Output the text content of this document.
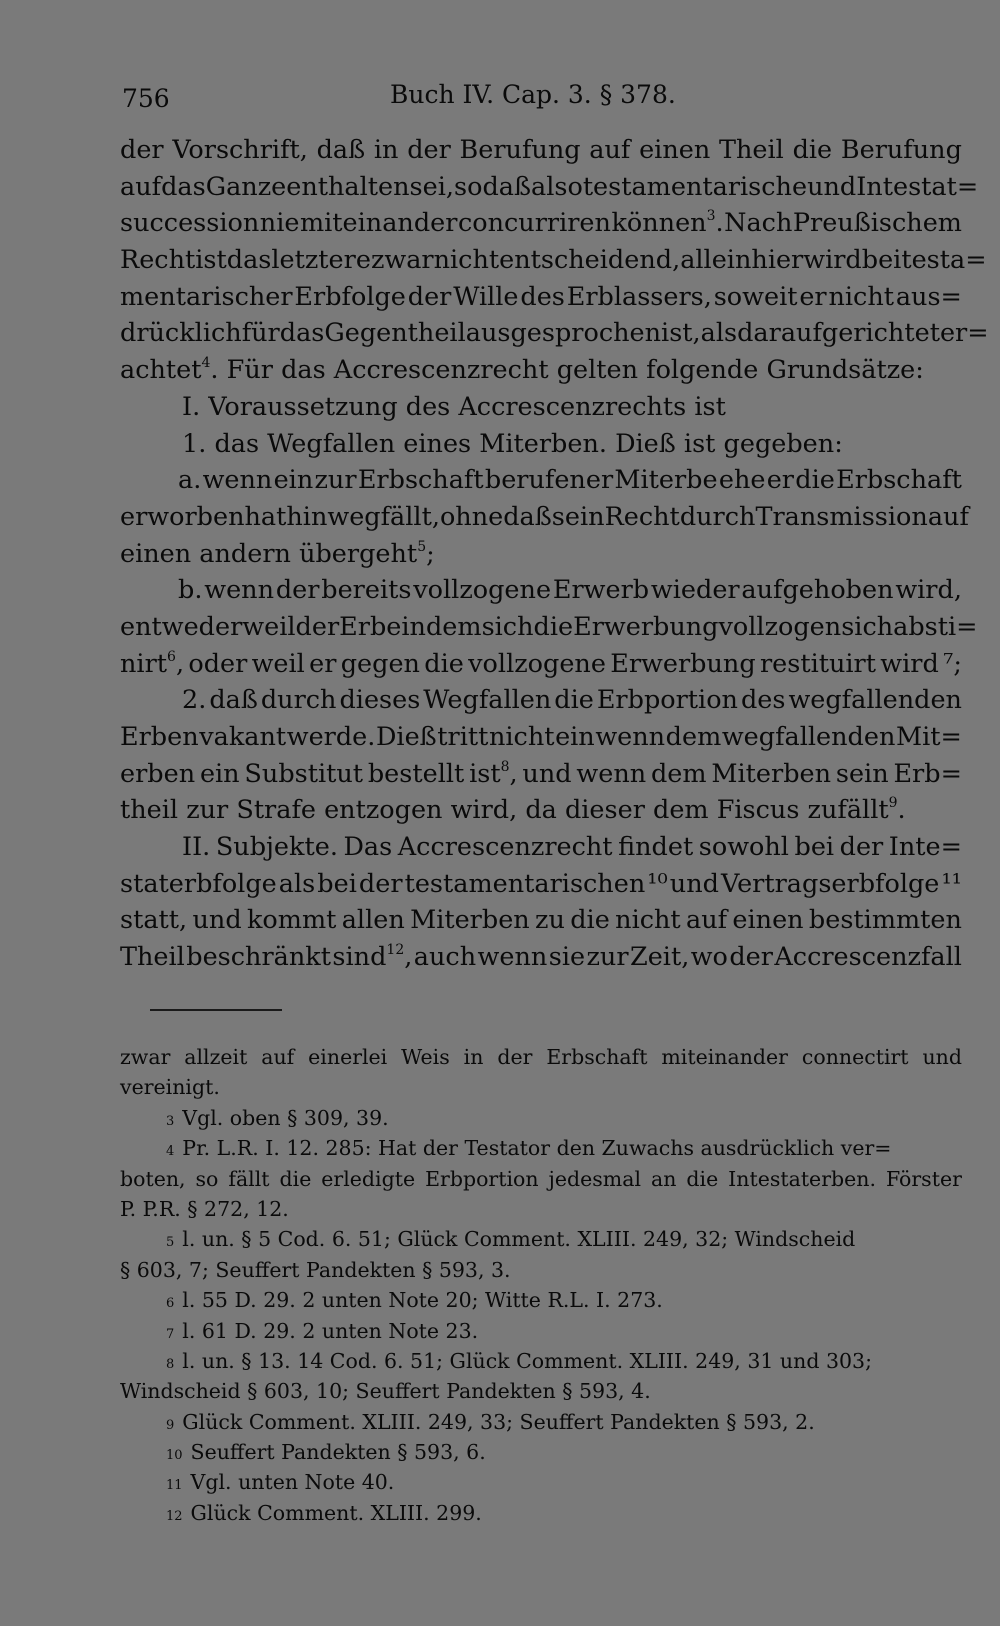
756	Buch IV. Cap. 3. § 378.
der Vorschrift, daß in der Berufung auf einen Theil die Berufung
auf das Ganze enthalten sei, so daß also testamentarische und Intestat=
succession nie miteinander concurriren können$^3$. Nach Preußischem
Recht ist das letztere zwar nicht entscheidend, allein hier wird bei testa=
mentarischer Erbfolge der Wille des Erblassers, soweit er nicht aus=
drücklich für das Gegentheil ausgesprochen ist, als darauf gerichtet er=
achtet$^4$. Für das Accrescenzrecht gelten folgende Grundsätze:
I. Voraussetzung des Accrescenzrechts ist
1. das Wegfallen eines Miterben. Dieß ist gegeben:
a. wenn ein zur Erbschaft berufener Miterbe ehe er die Erbschaft
erworben hat hinwegfällt, ohne daß sein Recht durch Transmission auf
einen andern übergeht$^5$;
b. wenn der bereits vollzogene Erwerb wieder aufgehoben wird,
entweder weil der Erbe in dem sich die Erwerbung vollzogen sich absti=
nirt$^6$, oder weil er gegen die vollzogene Erwerbung restituirt wird ⁷;
2. daß durch dieses Wegfallen die Erbportion des wegfallenden
Erben vakant werde. Dieß tritt nicht ein wenn dem wegfallenden Mit=
erben ein Substitut bestellt ist$^8$, und wenn dem Miterben sein Erb=
theil zur Strafe entzogen wird, da dieser dem Fiscus zufällt$^9$.
II. Subjekte. Das Accrescenzrecht findet sowohl bei der Inte=
staterbfolge als bei der testamentarischen ¹⁰ und Vertragserbfolge ¹¹
statt, und kommt allen Miterben zu die nicht auf einen bestimmten
Theil beschränkt sind$^{12}$, auch wenn sie zur Zeit, wo der Accrescenzfall
zwar allzeit auf einerlei Weis in der Erbschaft miteinander connectirt und
vereinigt.
3 Vgl. oben § 309, 39.
4 Pr. L.R. I. 12. 285: Hat der Testator den Zuwachs ausdrücklich ver=
boten, so fällt die erledigte Erbportion jedesmal an die Intestaterben. Förster
P. P.R. § 272, 12.
5 l. un. § 5 Cod. 6. 51; Glück Comment. XLIII. 249, 32; Windscheid
§ 603, 7; Seuffert Pandekten § 593, 3.
6 l. 55 D. 29. 2 unten Note 20; Witte R.L. I. 273.
7 l. 61 D. 29. 2 unten Note 23.
8 l. un. § 13. 14 Cod. 6. 51; Glück Comment. XLIII. 249, 31 und 303;
Windscheid § 603, 10; Seuffert Pandekten § 593, 4.
9 Glück Comment. XLIII. 249, 33; Seuffert Pandekten § 593, 2.
10 Seuffert Pandekten § 593, 6.
11 Vgl. unten Note 40.
12 Glück Comment. XLIII. 299.
